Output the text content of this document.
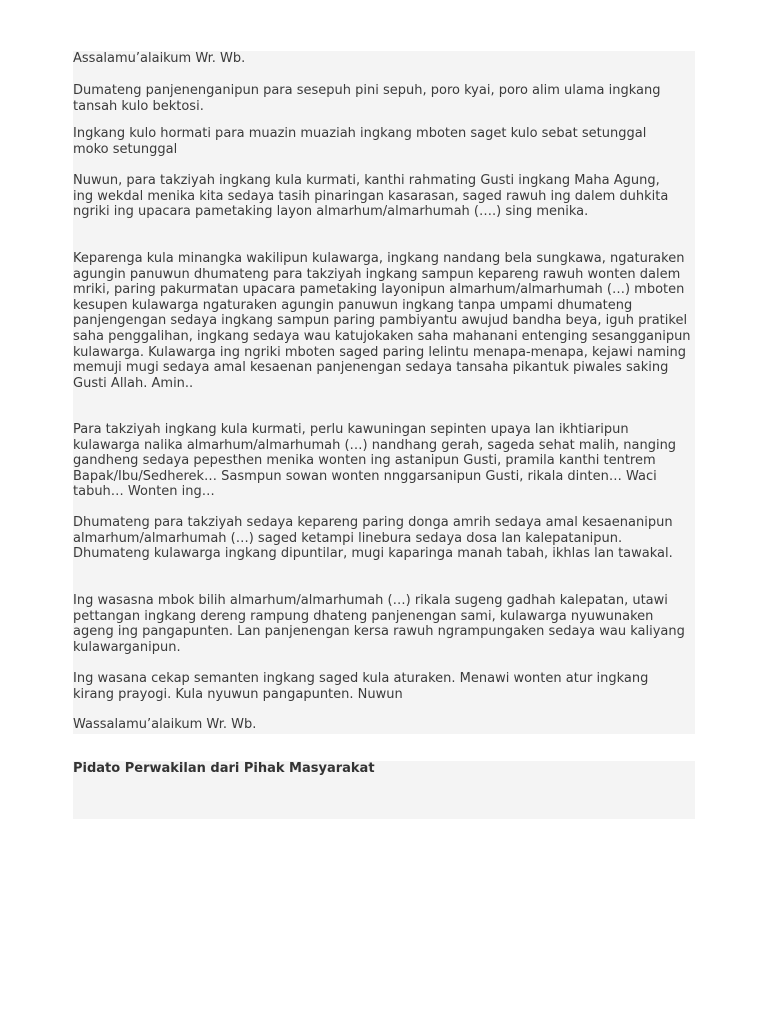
Assalamu’alaikum Wr. Wb.

Dumateng panjenenganipun para sesepuh pini sepuh, poro kyai, poro alim ulama ingkang tansah kulo bektosi.

Ingkang kulo hormati para muazin muaziah ingkang mboten saget kulo sebat setunggal moko setunggal

Nuwun, para takziyah ingkang kula kurmati, kanthi rahmating Gusti ingkang Maha Agung, ing wekdal menika kita sedaya tasih pinaringan kasarasan, saged rawuh ing dalem duhkita ngriki ing upacara pametaking layon almarhum/almarhumah (….) sing menika.

Keparenga kula minangka wakilipun kulawarga, ingkang nandang bela sungkawa, ngaturaken agungin panuwun dhumateng para takziyah ingkang sampun kepareng rawuh wonten dalem mriki, paring pakurmatan upacara pametaking layonipun almarhum/almarhumah (…) mboten kesupen kulawarga ngaturaken agungin panuwun ingkang tanpa umpami dhumateng panjengengan sedaya ingkang sampun paring pambiyantu awujud bandha beya, iguh pratikel saha penggalihan, ingkang sedaya wau katujokaken saha mahanani entenging sesangganipun kulawarga. Kulawarga ing ngriki mboten saged paring lelintu menapa-menapa, kejawi naming memuji mugi sedaya amal kesaenan panjenengan sedaya tansaha pikantuk piwales saking Gusti Allah. Amin..

Para takziyah ingkang kula kurmati, perlu kawuningan sepinten upaya lan ikhtiaripun kulawarga nalika almarhum/almarhumah (…) nandhang gerah, sageda sehat malih, nanging gandheng sedaya pepesthen menika wonten ing astanipun Gusti, pramila kanthi tentrem Bapak/Ibu/Sedherek… Sasmpun sowan wonten nnggarsanipun Gusti, rikala dinten… Waci tabuh… Wonten ing…

Dhumateng para takziyah sedaya kepareng paring donga amrih sedaya amal kesaenanipun almarhum/almarhumah (…) saged ketampi linebura sedaya dosa lan kalepatanipun. Dhumateng kulawarga ingkang dipuntilar, mugi kaparinga manah tabah, ikhlas lan tawakal.

Ing wasasna mbok bilih almarhum/almarhumah (…) rikala sugeng gadhah kalepatan, utawi pettangan ingkang dereng rampung dhateng panjenengan sami, kulawarga nyuwunaken ageng ing pangapunten. Lan panjenengan kersa rawuh ngrampungaken sedaya wau kaliyang kulawarganipun.

Ing wasana cekap semanten ingkang saged kula aturaken. Menawi wonten atur ingkang kirang prayogi. Kula nyuwun pangapunten. Nuwun

Wassalamu’alaikum Wr. Wb.

Pidato Perwakilan dari Pihak Masyarakat
